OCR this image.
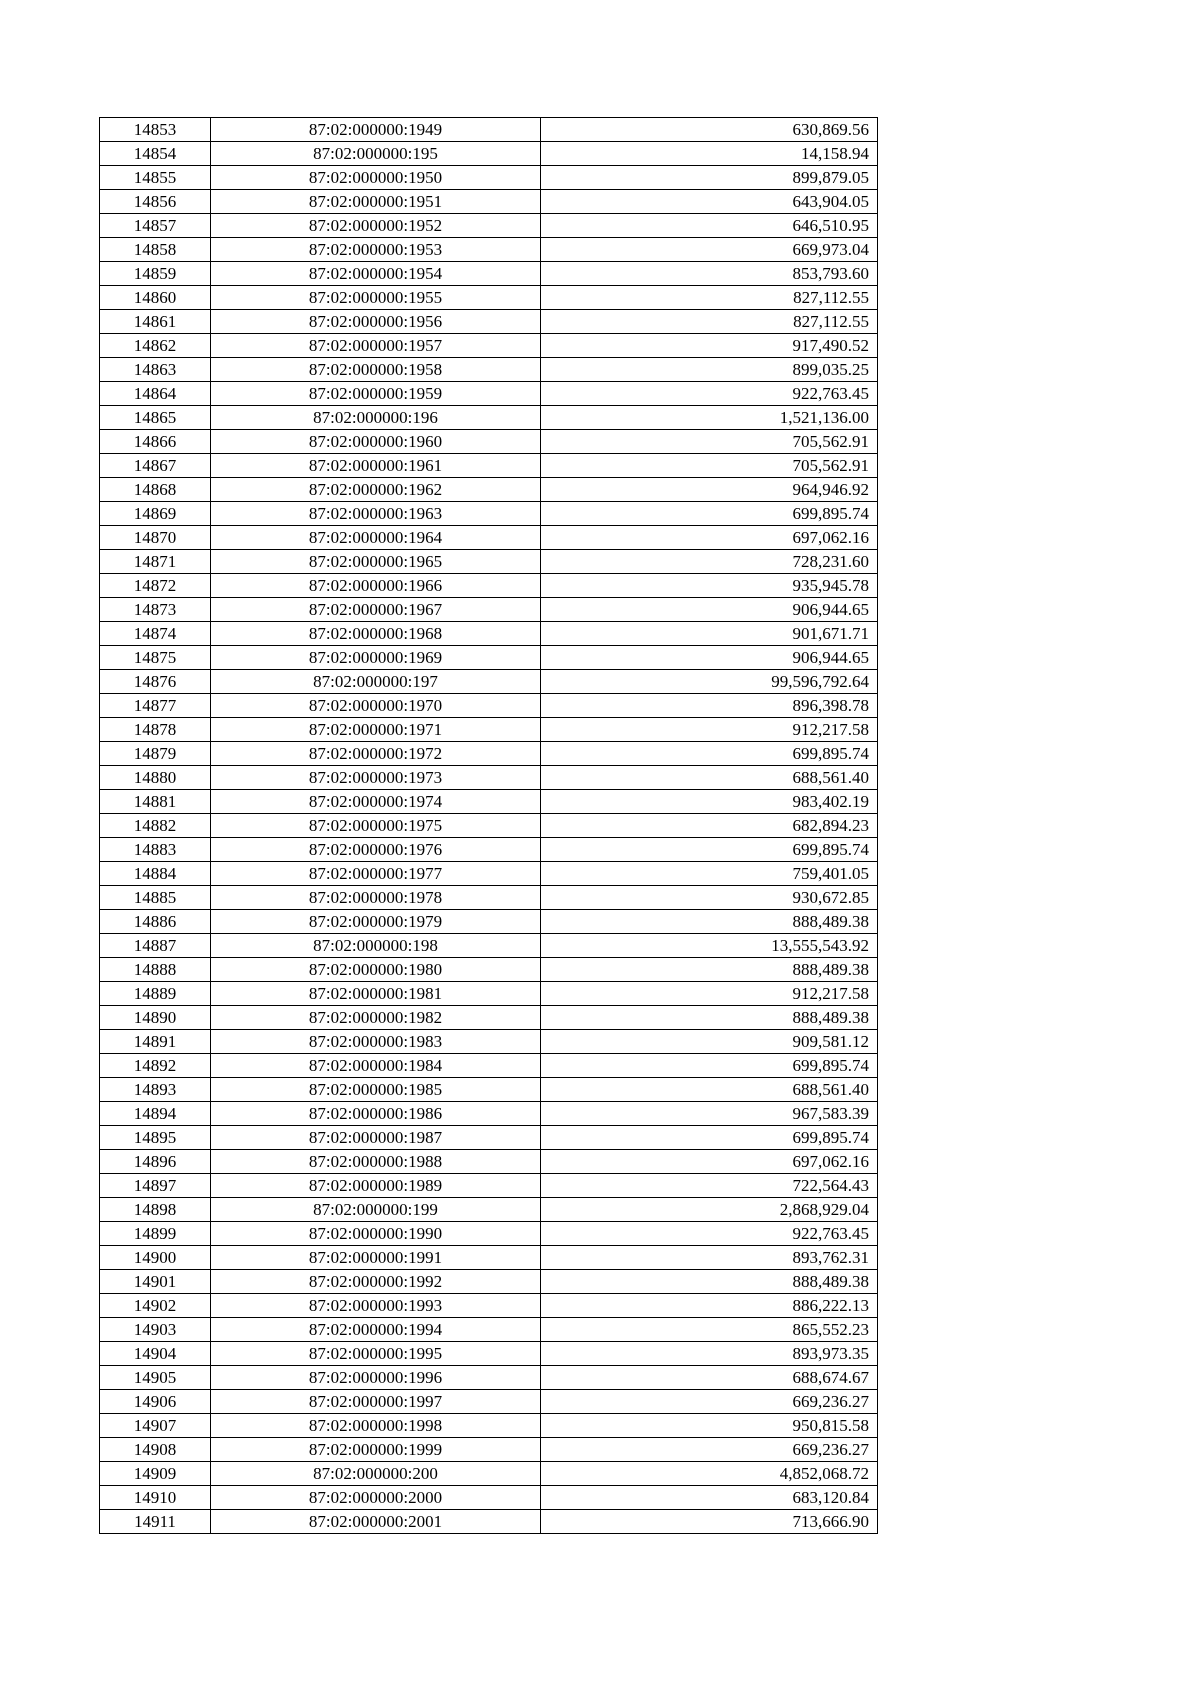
14853	87:02:000000:1949	630,869.56
14854	87:02:000000:195	14,158.94
14855	87:02:000000:1950	899,879.05
14856	87:02:000000:1951	643,904.05
14857	87:02:000000:1952	646,510.95
14858	87:02:000000:1953	669,973.04
14859	87:02:000000:1954	853,793.60
14860	87:02:000000:1955	827,112.55
14861	87:02:000000:1956	827,112.55
14862	87:02:000000:1957	917,490.52
14863	87:02:000000:1958	899,035.25
14864	87:02:000000:1959	922,763.45
14865	87:02:000000:196	1,521,136.00
14866	87:02:000000:1960	705,562.91
14867	87:02:000000:1961	705,562.91
14868	87:02:000000:1962	964,946.92
14869	87:02:000000:1963	699,895.74
14870	87:02:000000:1964	697,062.16
14871	87:02:000000:1965	728,231.60
14872	87:02:000000:1966	935,945.78
14873	87:02:000000:1967	906,944.65
14874	87:02:000000:1968	901,671.71
14875	87:02:000000:1969	906,944.65
14876	87:02:000000:197	99,596,792.64
14877	87:02:000000:1970	896,398.78
14878	87:02:000000:1971	912,217.58
14879	87:02:000000:1972	699,895.74
14880	87:02:000000:1973	688,561.40
14881	87:02:000000:1974	983,402.19
14882	87:02:000000:1975	682,894.23
14883	87:02:000000:1976	699,895.74
14884	87:02:000000:1977	759,401.05
14885	87:02:000000:1978	930,672.85
14886	87:02:000000:1979	888,489.38
14887	87:02:000000:198	13,555,543.92
14888	87:02:000000:1980	888,489.38
14889	87:02:000000:1981	912,217.58
14890	87:02:000000:1982	888,489.38
14891	87:02:000000:1983	909,581.12
14892	87:02:000000:1984	699,895.74
14893	87:02:000000:1985	688,561.40
14894	87:02:000000:1986	967,583.39
14895	87:02:000000:1987	699,895.74
14896	87:02:000000:1988	697,062.16
14897	87:02:000000:1989	722,564.43
14898	87:02:000000:199	2,868,929.04
14899	87:02:000000:1990	922,763.45
14900	87:02:000000:1991	893,762.31
14901	87:02:000000:1992	888,489.38
14902	87:02:000000:1993	886,222.13
14903	87:02:000000:1994	865,552.23
14904	87:02:000000:1995	893,973.35
14905	87:02:000000:1996	688,674.67
14906	87:02:000000:1997	669,236.27
14907	87:02:000000:1998	950,815.58
14908	87:02:000000:1999	669,236.27
14909	87:02:000000:200	4,852,068.72
14910	87:02:000000:2000	683,120.84
14911	87:02:000000:2001	713,666.90
